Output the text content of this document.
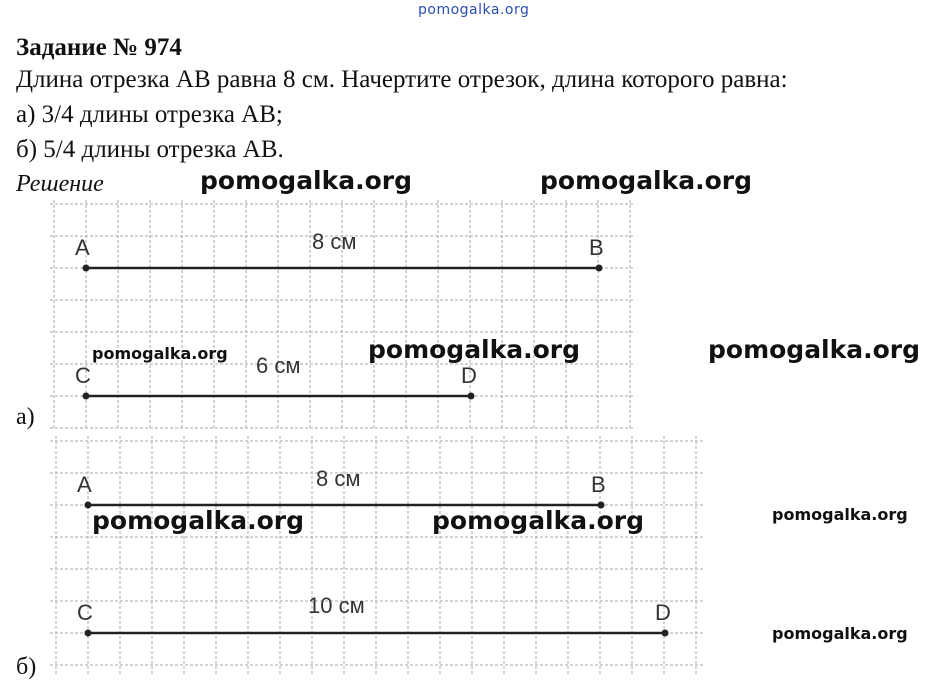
pomogalka.org
Задание № 974
Длина отрезка AB равна 8 см. Начертите отрезок, длина которого равна:
а) 3/4 длины отрезка AB;
б) 5/4 длины отрезка AB.
Решение
A	B
8 см
C	D
6 см
A	B
8 см
C	D
10 см
а)
б)
pomogalka.org	pomogalka.org
pomogalka.org	pomogalka.org	pomogalka.org
pomogalka.org	pomogalka.org	pomogalka.org
pomogalka.org
